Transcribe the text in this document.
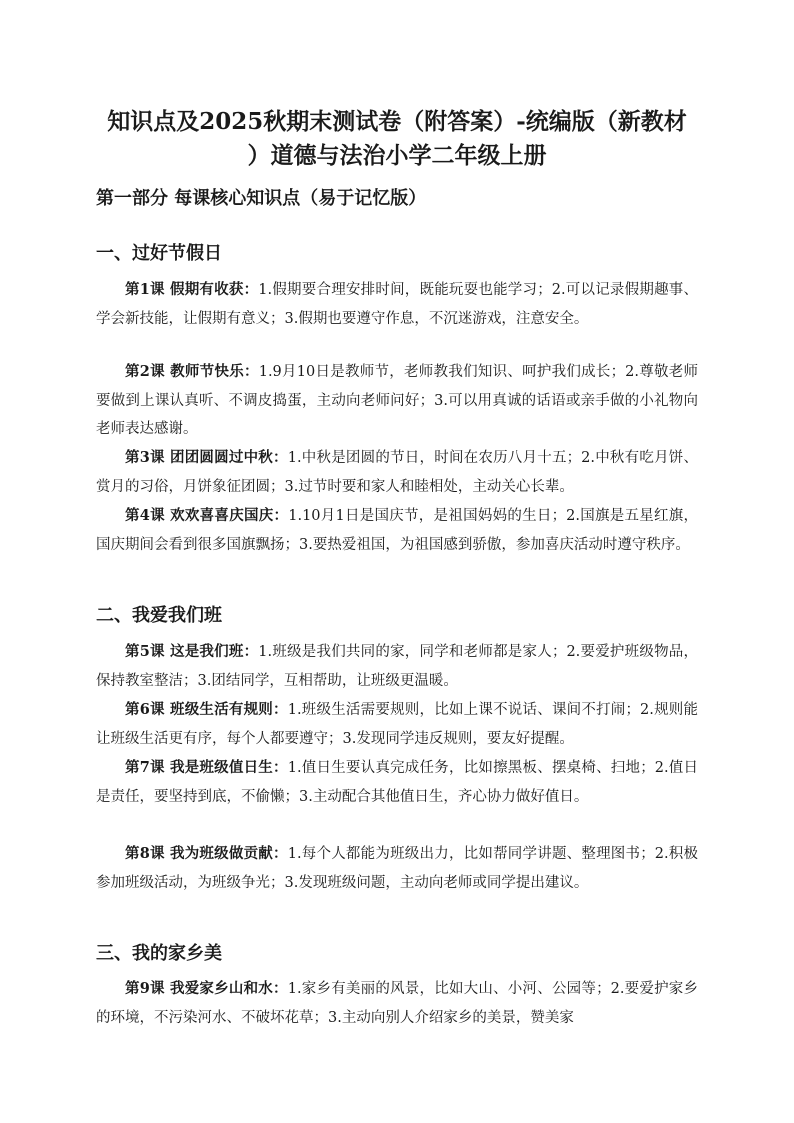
知识点及2025秋期末测试卷（附答案）-统编版（新教材
）道德与法治小学二年级上册
第一部分 每课核心知识点（易于记忆版）
一、过好节假日
第1课 假期有收获：1.假期要合理安排时间，既能玩耍也能学习；2.可以记录假期趣事、学会新技能，让假期有意义；3.假期也要遵守作息，不沉迷游戏，注意安全。
第2课 教师节快乐：1.9月10日是教师节，老师教我们知识、呵护我们成长；2.尊敬老师要做到上课认真听、不调皮捣蛋，主动向老师问好；3.可以用真诚的话语或亲手做的小礼物向老师表达感谢。
第3课 团团圆圆过中秋：1.中秋是团圆的节日，时间在农历八月十五；2.中秋有吃月饼、赏月的习俗，月饼象征团圆；3.过节时要和家人和睦相处，主动关心长辈。
第4课 欢欢喜喜庆国庆：1.10月1日是国庆节，是祖国妈妈的生日；2.国旗是五星红旗，国庆期间会看到很多国旗飘扬；3.要热爱祖国，为祖国感到骄傲，参加喜庆活动时遵守秩序。
二、我爱我们班
第5课 这是我们班：1.班级是我们共同的家，同学和老师都是家人；2.要爱护班级物品，保持教室整洁；3.团结同学，互相帮助，让班级更温暖。
第6课 班级生活有规则：1.班级生活需要规则，比如上课不说话、课间不打闹；2.规则能让班级生活更有序，每个人都要遵守；3.发现同学违反规则，要友好提醒。
第7课 我是班级值日生：1.值日生要认真完成任务，比如擦黑板、摆桌椅、扫地；2.值日是责任，要坚持到底，不偷懒；3.主动配合其他值日生，齐心协力做好值日。
第8课 我为班级做贡献：1.每个人都能为班级出力，比如帮同学讲题、整理图书；2.积极参加班级活动，为班级争光；3.发现班级问题，主动向老师或同学提出建议。
三、我的家乡美
第9课 我爱家乡山和水：1.家乡有美丽的风景，比如大山、小河、公园等；2.要爱护家乡的环境，不污染河水、不破坏花草；3.主动向别人介绍家乡的美景，赞美家
